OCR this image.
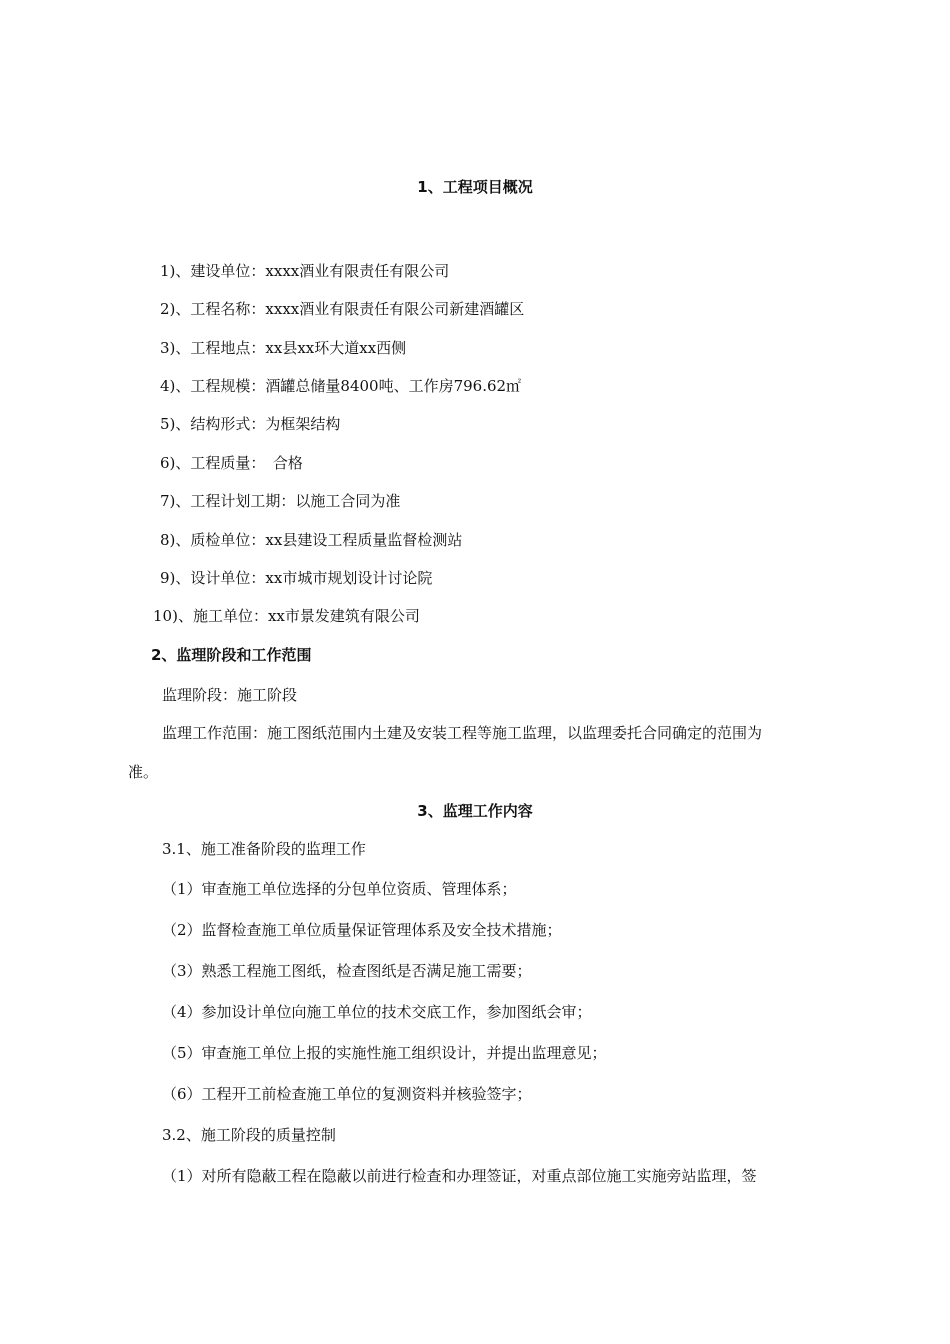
1、工程项目概况
1)、建设单位：xxxx酒业有限责任有限公司
2)、工程名称：xxxx酒业有限责任有限公司新建酒罐区
3)、工程地点：xx县xx环大道xx西侧
4)、工程规模：酒罐总储量8400吨、工作房796.62㎡
5)、结构形式：为框架结构
6)、工程质量：　合格
7)、工程计划工期：以施工合同为准
8)、质检单位：xx县建设工程质量监督检测站
9)、设计单位：xx市城市规划设计讨论院
10)、施工单位：xx市景发建筑有限公司
2、监理阶段和工作范围
监理阶段：施工阶段
监理工作范围：施工图纸范围内土建及安装工程等施工监理，以监理委托合同确定的范围为
准。
3、监理工作内容
3.1、施工准备阶段的监理工作
（1）审查施工单位选择的分包单位资质、管理体系；
（2）监督检查施工单位质量保证管理体系及安全技术措施；
（3）熟悉工程施工图纸，检查图纸是否满足施工需要；
（4）参加设计单位向施工单位的技术交底工作，参加图纸会审；
（5）审查施工单位上报的实施性施工组织设计，并提出监理意见；
（6）工程开工前检查施工单位的复测资料并核验签字；
3.2、施工阶段的质量控制
（1）对所有隐蔽工程在隐蔽以前进行检查和办理签证，对重点部位施工实施旁站监理，签
